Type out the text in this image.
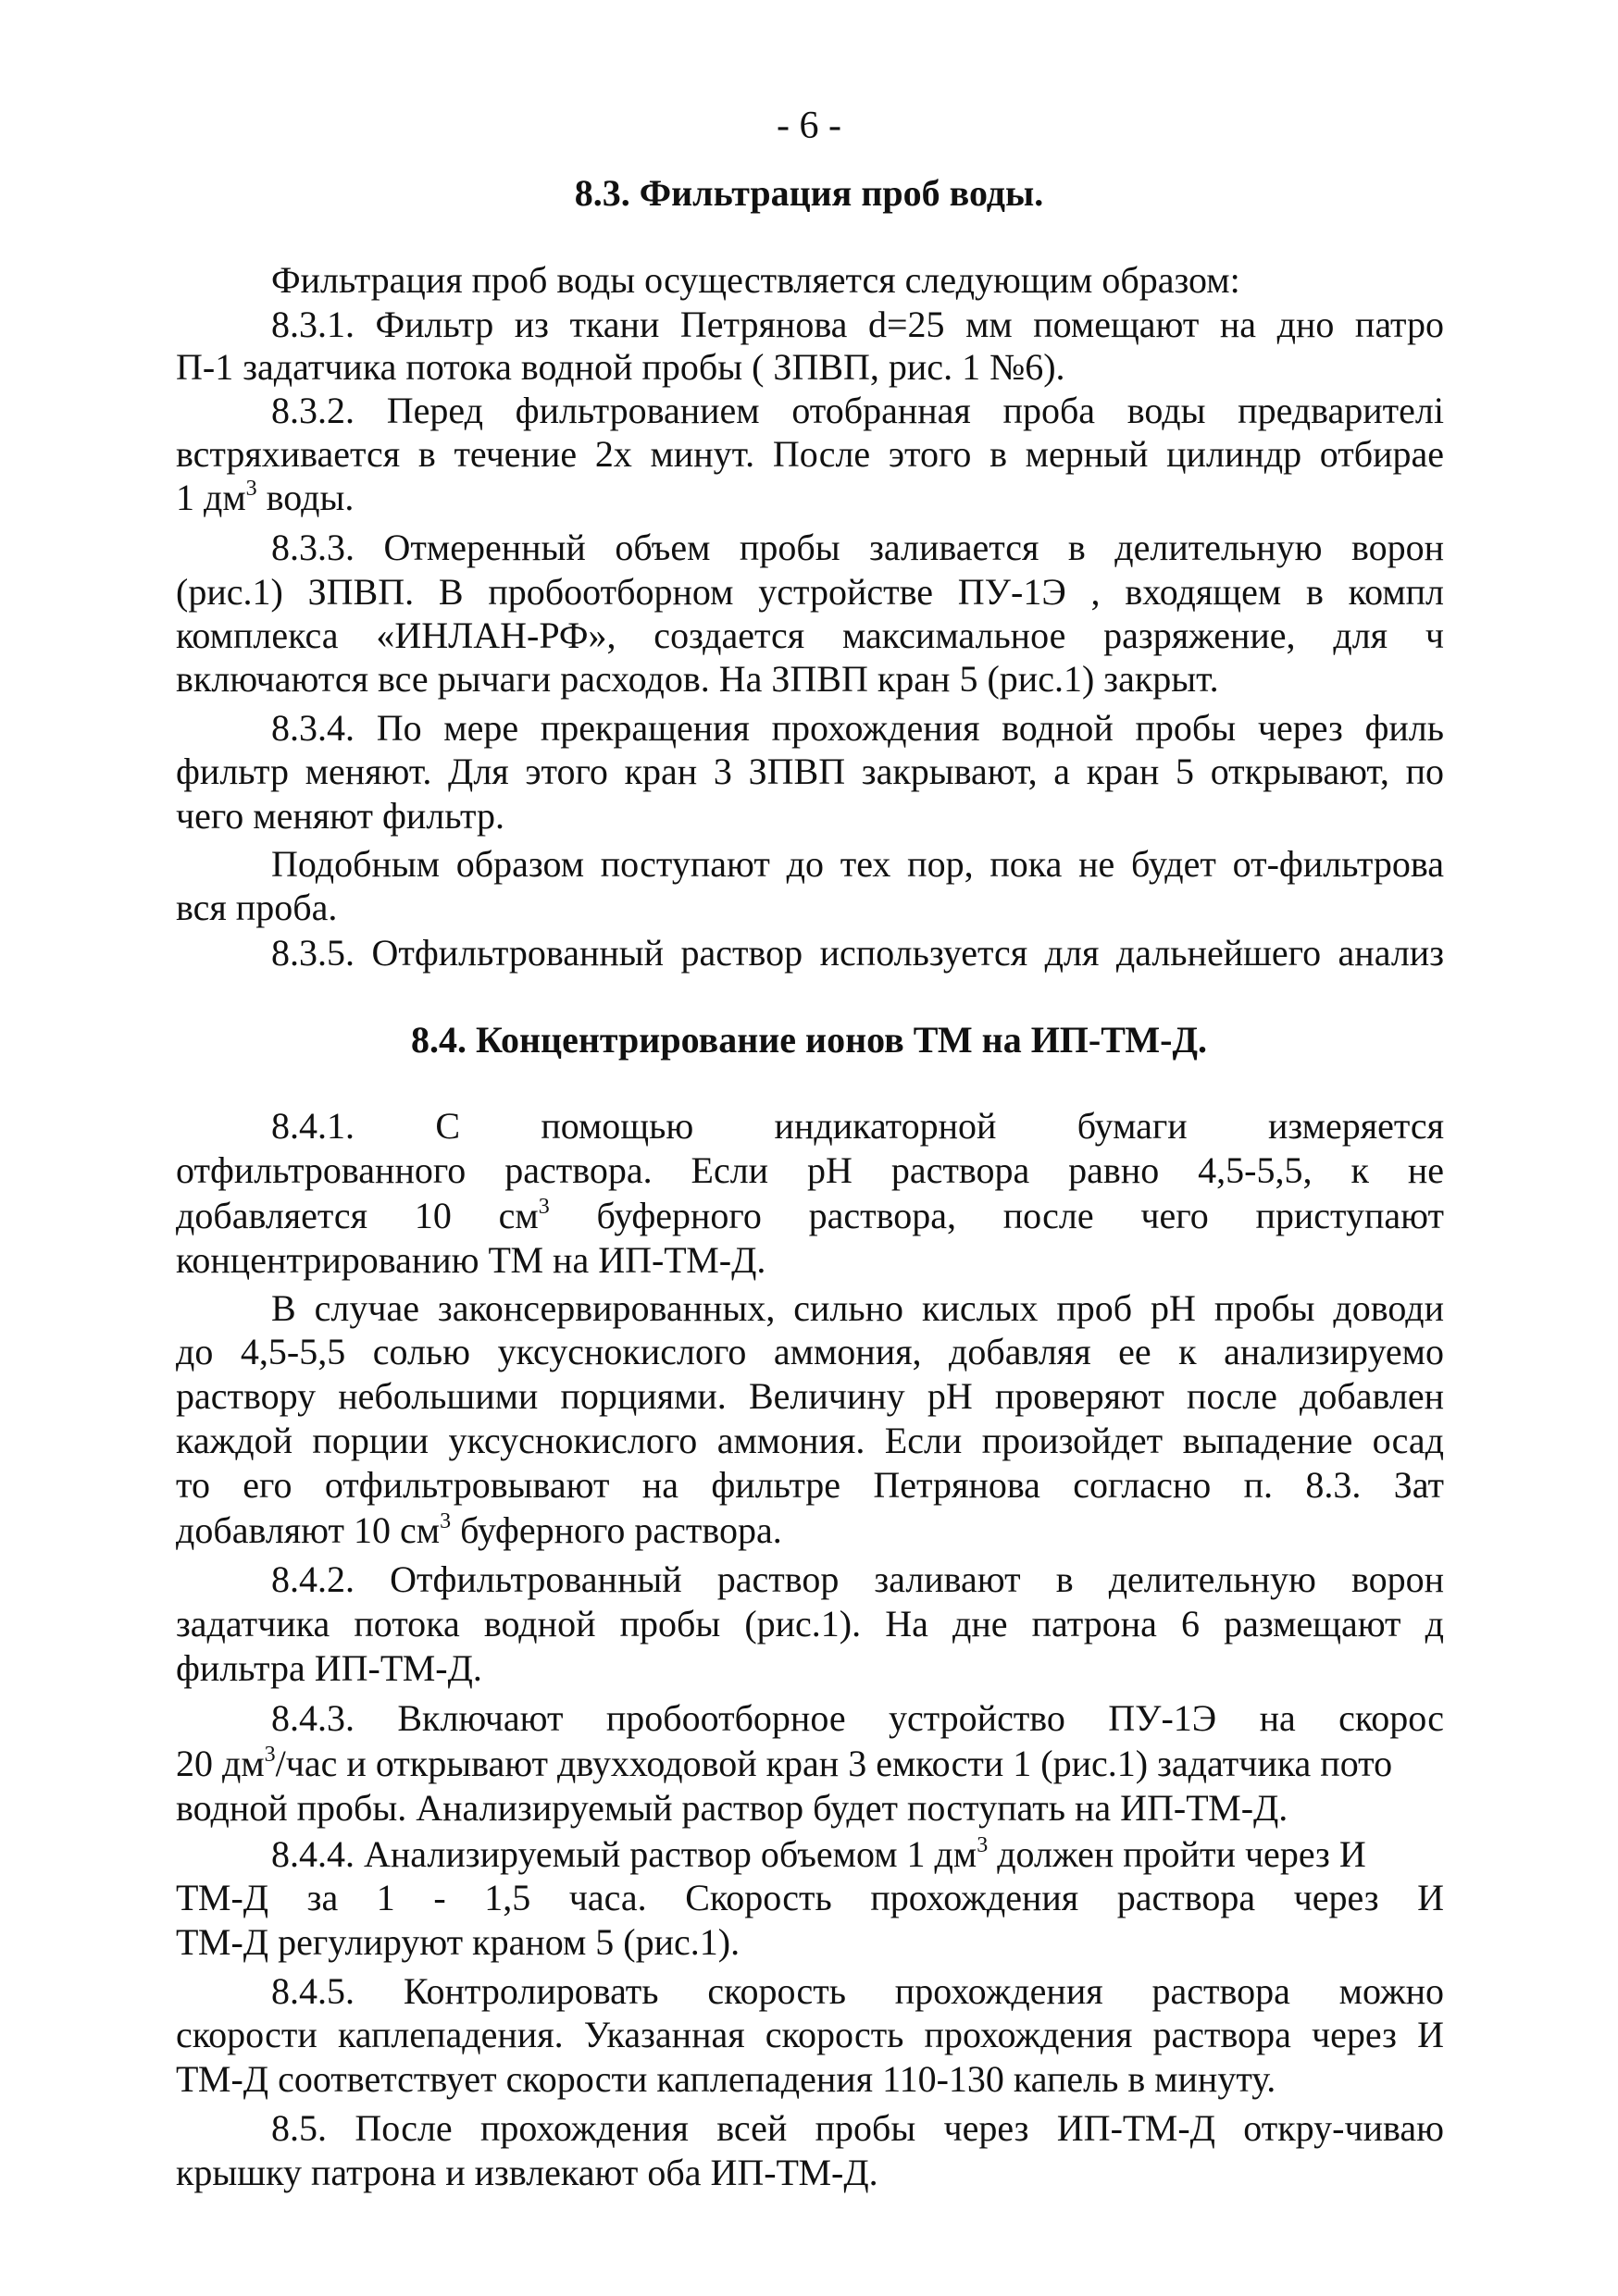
- 6 -
8.3. Фильтрация проб воды.
Фильтрация проб воды осуществляется следующим образом:
8.3.1. Фильтр из ткани Петрянова d=25 мм помещают на дно патро
П-1 задатчика потока водной пробы ( ЗПВП, рис. 1 №6).
8.3.2. Перед фильтрованием отобранная проба воды предварителі
встряхивается в течение 2х минут. После этого в мерный цилиндр отбирае
1 $дм^3$ воды.
8.3.3. Отмеренный объем пробы заливается в делительную ворон
(рис.1) ЗПВП. В пробоотборном устройстве ПУ-1Э , входящем в компл
комплекса «ИНЛАН-РФ», создается максимальное разряжение, для ч
включаются все рычаги расходов. На ЗПВП кран 5 (рис.1) закрыт.
8.3.4. По мере прекращения прохождения водной пробы через филь
фильтр меняют. Для этого кран 3 ЗПВП закрывают, а кран 5 открывают, по
чего меняют фильтр.
Подобным образом поступают до тех пор, пока не будет от-фильтрова
вся проба.
8.3.5. Отфильтрованный раствор используется для дальнейшего анализ
8.4.1. С помощью индикаторной бумаги измеряется
отфильтрованного раствора. Если рН раствора равно 4,5-5,5, к не
добавляется 10 $см^3$ буферного раствора, после чего приступают
концентрированию ТМ на ИП-ТМ-Д.
В случае законсервированных, сильно кислых проб рН пробы доводи
до 4,5-5,5 солью уксуснокислого аммония, добавляя ее к анализируемо
раствору небольшими порциями. Величину рН проверяют после добавлен
каждой порции уксуснокислого аммония. Если произойдет выпадение осад
то его отфильтровывают на фильтре Петрянова согласно п. 8.3. Зат
добавляют 10 $см^3$ буферного раствора.
8.4.2. Отфильтрованный раствор заливают в делительную ворон
задатчика потока водной пробы (рис.1). На дне патрона 6 размещают д
фильтра ИП-ТМ-Д.
8.4.3. Включают пробоотборное устройство ПУ-1Э на скорос
20 $дм^3$/час и открывают двухходовой кран 3 емкости 1 (рис.1) задатчика пото
водной пробы. Анализируемый раствор будет поступать на ИП-ТМ-Д.
8.4.4. Анализируемый раствор объемом 1 $дм^3$ должен пройти через И
ТМ-Д за 1 - 1,5 часа. Скорость прохождения раствора через И
ТМ-Д регулируют краном 5 (рис.1).
8.4.5. Контролировать скорость прохождения раствора можно
скорости каплепадения. Указанная скорость прохождения раствора через И
ТМ-Д соответствует скорости каплепадения 110-130 капель в минуту.
8.5. После прохождения всей пробы через ИП-ТМ-Д откру-чиваю
крышку патрона и извлекают оба ИП-ТМ-Д.
8.4. Концентрирование ионов ТМ на ИП-ТМ-Д.
